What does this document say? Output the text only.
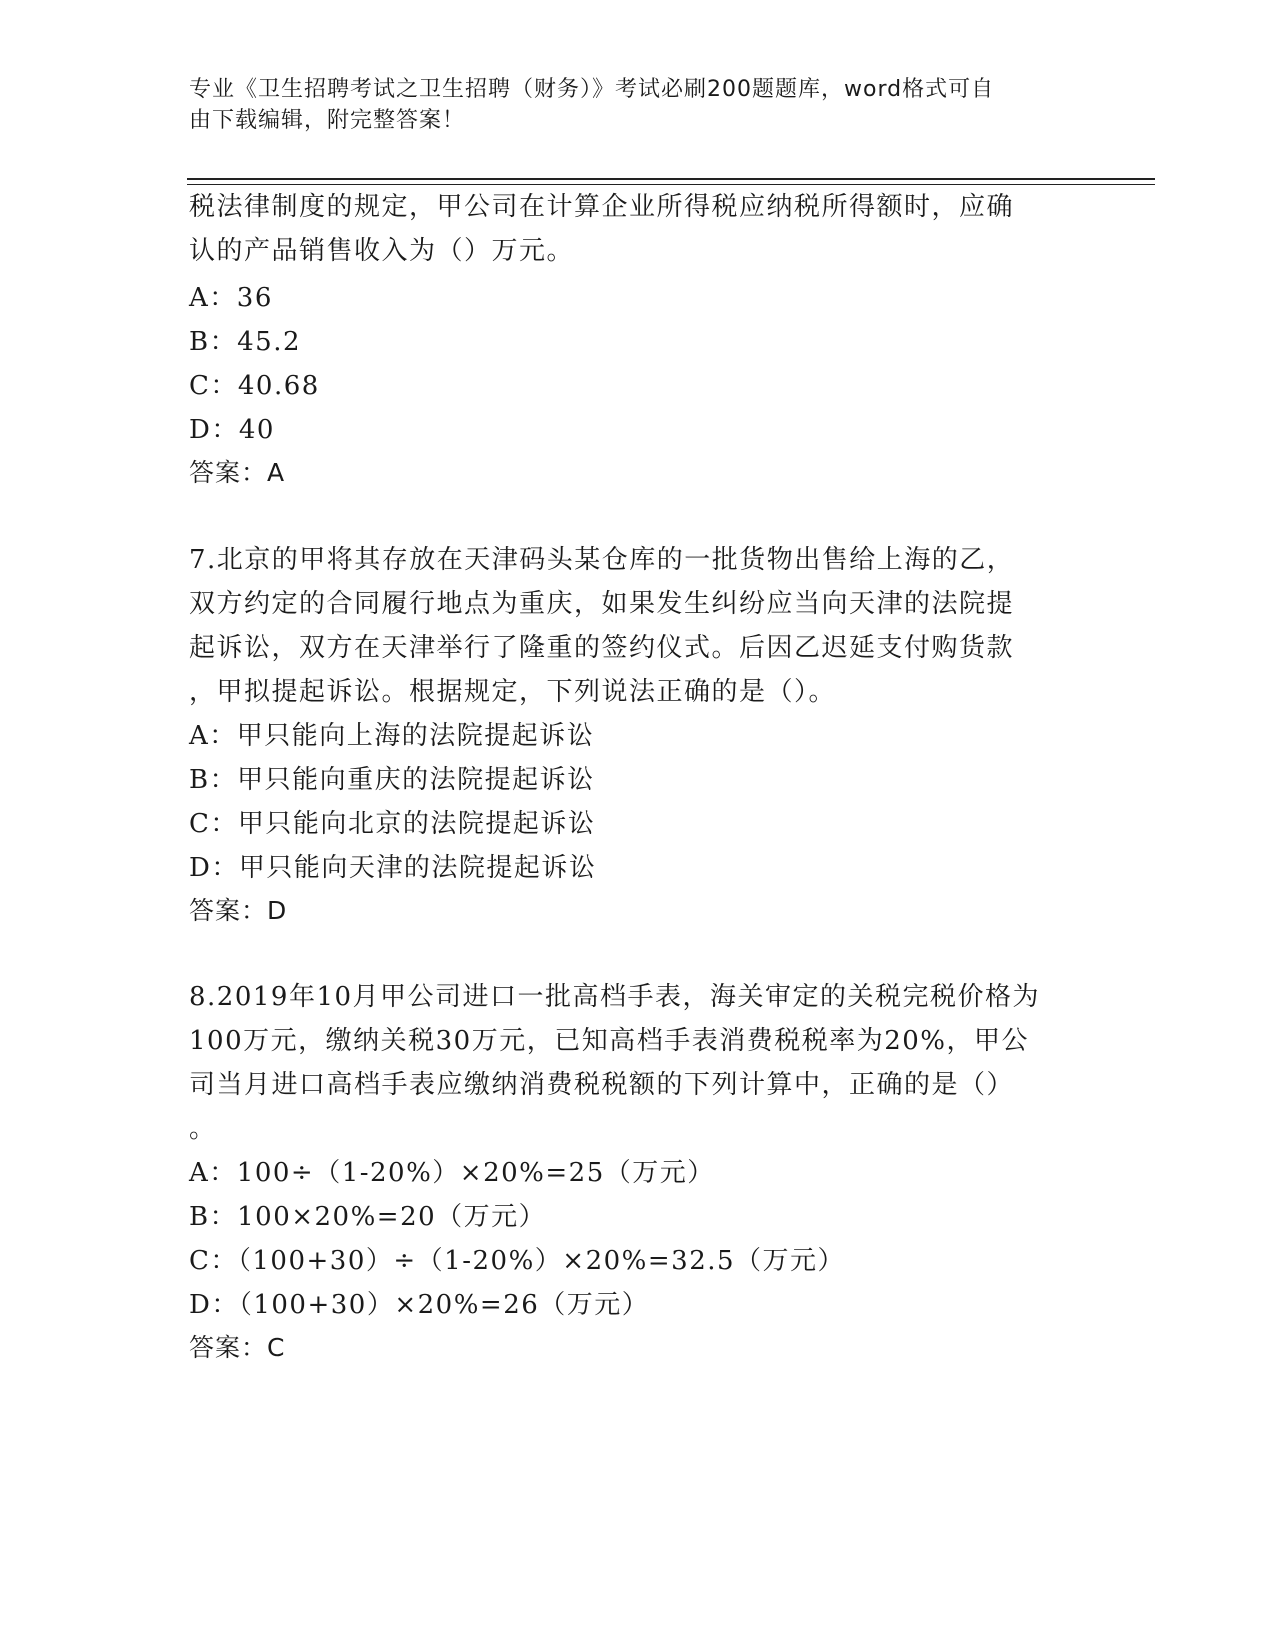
专业《卫生招聘考试之卫生招聘（财务）》考试必刷200题题库，word格式可自
由下载编辑，附完整答案！
税法律制度的规定，甲公司在计算企业所得税应纳税所得额时，应确
认的产品销售收入为（）万元。
A：36
B：45.2
C：40.68
D：40
答案：A
7.北京的甲将其存放在天津码头某仓库的一批货物出售给上海的乙，
双方约定的合同履行地点为重庆，如果发生纠纷应当向天津的法院提
起诉讼，双方在天津举行了隆重的签约仪式。后因乙迟延支付购货款
，甲拟提起诉讼。根据规定，下列说法正确的是（）。
A：甲只能向上海的法院提起诉讼
B：甲只能向重庆的法院提起诉讼
C：甲只能向北京的法院提起诉讼
D：甲只能向天津的法院提起诉讼
答案：D
8.2019年10月甲公司进口一批高档手表，海关审定的关税完税价格为
100万元，缴纳关税30万元，已知高档手表消费税税率为20%，甲公
司当月进口高档手表应缴纳消费税税额的下列计算中，正确的是（）
。
A：100÷（1-20%）×20%=25（万元）
B：100×20%=20（万元）
C：（100+30）÷（1-20%）×20%=32.5（万元）
D：（100+30）×20%=26（万元）
答案：C
